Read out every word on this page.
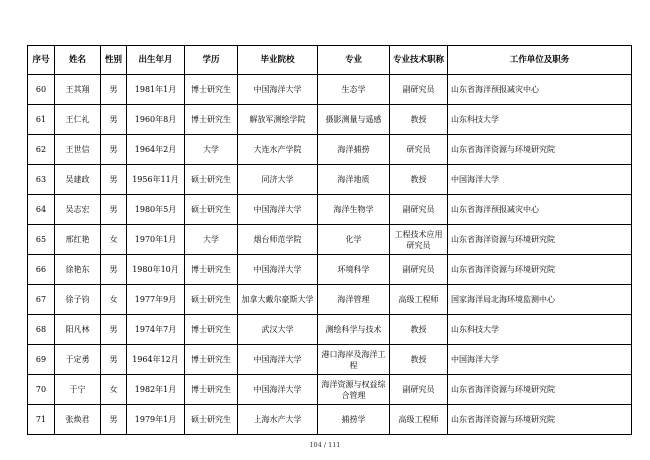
序号	姓名	性别	出生年月	学历	毕业院校	专业	专业技术职称	工作单位及职务
60	王其翔	男	1981年1月	博士研究生	中国海洋大学	生态学	副研究员	山东省海洋预报减灾中心
61	王仁礼	男	1960年8月	博士研究生	解放军测绘学院	摄影测量与遥感	教授	山东科技大学
62	王世信	男	1964年2月	大学	大连水产学院	海洋捕捞	研究员	山东省海洋资源与环境研究院
63	吴建政	男	1956年11月	硕士研究生	同济大学	海洋地质	教授	中国海洋大学
64	吴志宏	男	1980年5月	硕士研究生	中国海洋大学	海洋生物学	副研究员	山东省海洋预报减灾中心
65	邢红艳	女	1970年1月	大学	烟台师范学院	化学	工程技术应用研究员	山东省海洋资源与环境研究院
66	徐艳东	男	1980年10月	博士研究生	中国海洋大学	环境科学	副研究员	山东省海洋资源与环境研究院
67	徐子钧	女	1977年9月	硕士研究生	加拿大戴尔豪斯大学	海洋管理	高级工程师	国家海洋局北海环境监测中心
68	阳凡林	男	1974年7月	博士研究生	武汉大学	测绘科学与技术	教授	山东科技大学
69	于定勇	男	1964年12月	博士研究生	中国海洋大学	港口海岸及海洋工程	教授	中国海洋大学
70	于宁	女	1982年1月	博士研究生	中国海洋大学	海洋资源与权益综合管理	副研究员	山东省海洋资源与环境研究院
71	张焕君	男	1979年1月	硕士研究生	上海水产大学	捕捞学	高级工程师	山东省海洋资源与环境研究院
104 / 111
